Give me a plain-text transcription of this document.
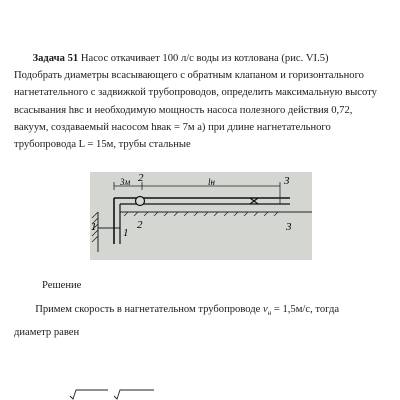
Задача 51 Насос откачивает 100 л/с воды из котлована (рис. VI.5)
Подобрать диаметры всасывающего с обратным клапаном и горизонтального
нагнетательного с задвижкой трубопроводов, определить максимальную высоту
всасывания hвс и необходимую мощность насоса полезного действия 0,72,
вакуум, создаваемый насосом hвак = 7м а) при длине нагнетательного
трубопровода L = 15м, трубы стальные
3м	lн
2
2
3
3
1 1
Решение
Примем скорость в нагнетательном трубопроводе $v_н = 1,5м/с$, тогда
диаметр равен
